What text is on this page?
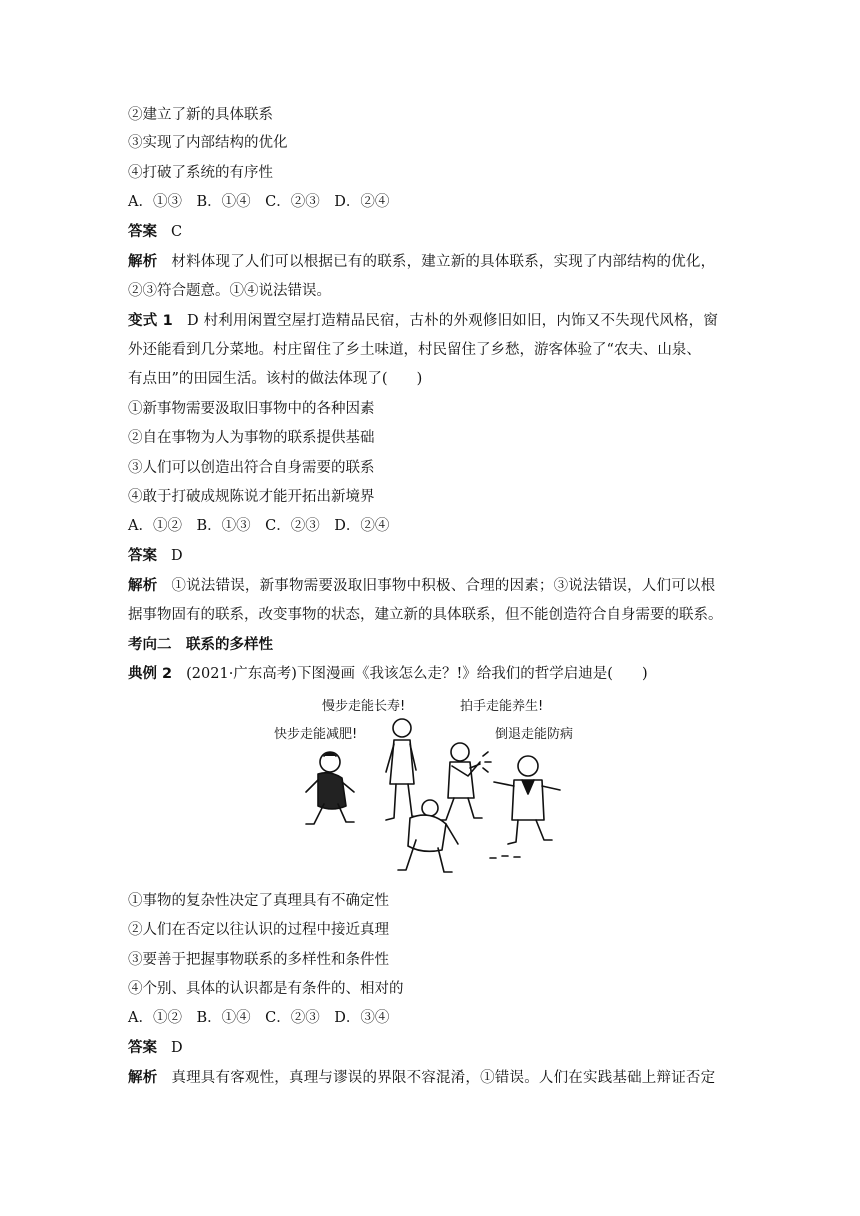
②建立了新的具体联系
③实现了内部结构的优化
④打破了系统的有序性
A．①③　B．①④　C．②③　D．②④
答案 C
解析 材料体现了人们可以根据已有的联系，建立新的具体联系，实现了内部结构的优化，
②③符合题意。①④说法错误。
变式 1 D 村利用闲置空屋打造精品民宿，古朴的外观修旧如旧，内饰又不失现代风格，窗
外还能看到几分菜地。村庄留住了乡土味道，村民留住了乡愁，游客体验了“农夫、山泉、
有点田”的田园生活。该村的做法体现了(　　)
①新事物需要汲取旧事物中的各种因素
②自在事物为人为事物的联系提供基础
③人们可以创造出符合自身需要的联系
④敢于打破成规陈说才能开拓出新境界
A．①②　B．①③　C．②③　D．②④
答案 D
解析 ①说法错误，新事物需要汲取旧事物中积极、合理的因素；③说法错误，人们可以根
据事物固有的联系，改变事物的状态，建立新的具体联系，但不能创造符合自身需要的联系。
考向二　联系的多样性
典例 2 (2021·广东高考)下图漫画《我该怎么走？!》给我们的哲学启迪是(　　)
慢步走能长寿!	拍手走能养生!
快步走能减肥!	倒退走能防病
①事物的复杂性决定了真理具有不确定性
②人们在否定以往认识的过程中接近真理
③要善于把握事物联系的多样性和条件性
④个别、具体的认识都是有条件的、相对的
A．①②　B．①④　C．②③　D．③④
答案 D
解析 真理具有客观性，真理与谬误的界限不容混淆，①错误。人们在实践基础上辩证否定
